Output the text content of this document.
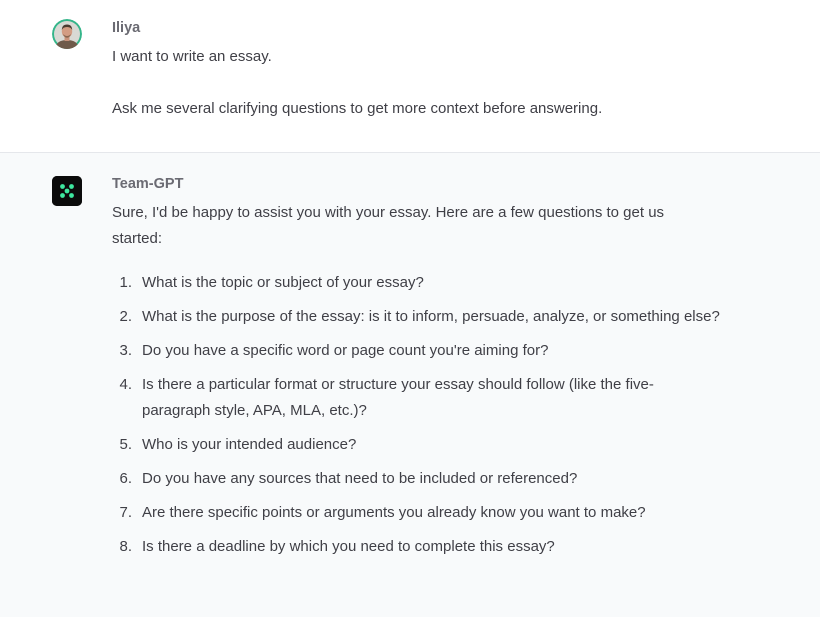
Iliya
I want to write an essay.
Ask me several clarifying questions to get more context before answering.
Team-GPT
Sure, I'd be happy to assist you with your essay. Here are a few questions to get us started:
1. What is the topic or subject of your essay?
2. What is the purpose of the essay: is it to inform, persuade, analyze, or something else?
3. Do you have a specific word or page count you're aiming for?
4. Is there a particular format or structure your essay should follow (like the five-paragraph style, APA, MLA, etc.)?
5. Who is your intended audience?
6. Do you have any sources that need to be included or referenced?
7. Are there specific points or arguments you already know you want to make?
8. Is there a deadline by which you need to complete this essay?
